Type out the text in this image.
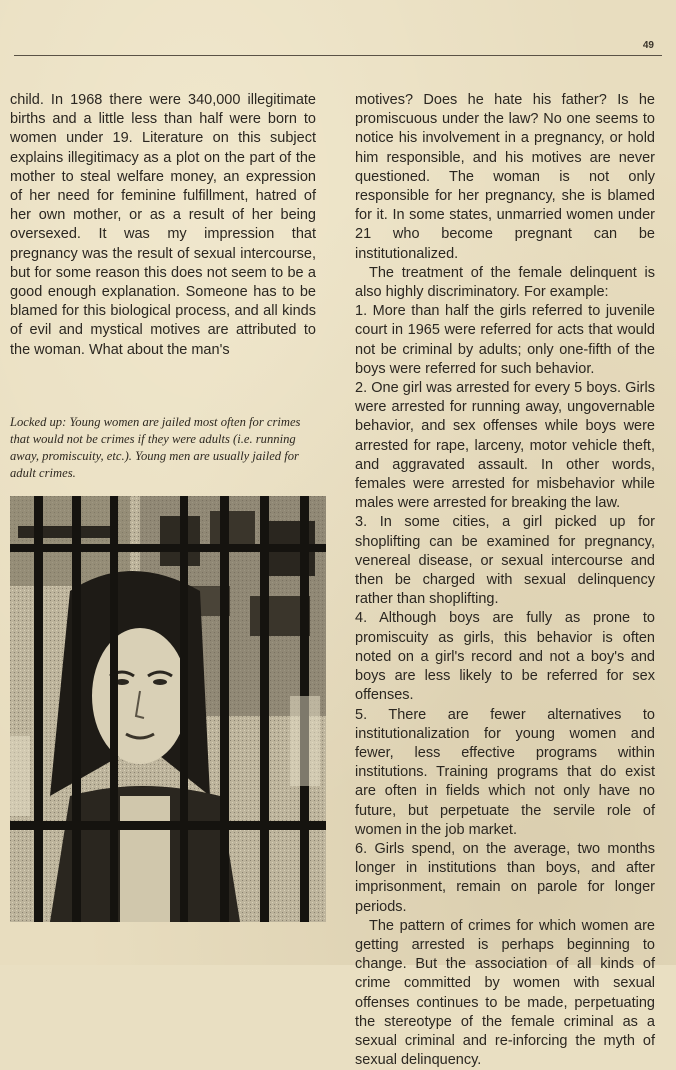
49

child. In 1968 there were 340,000 illegitimate births and a little less than half were born to women under 19. Literature on this subject explains illegitimacy as a plot on the part of the mother to steal welfare money, an expression of her need for feminine fulfillment, hatred of her own mother, or as a result of her being oversexed. It was my impression that pregnancy was the result of sexual intercourse, but for some reason this does not seem to be a good enough explanation. Someone has to be blamed for this biological process, and all kinds of evil and mystical motives are attributed to the woman. What about the man's

Locked up: Young women are jailed most often for crimes that would not be crimes if they were adults (i.e. running away, promiscuity, etc.). Young men are usually jailed for adult crimes.

motives? Does he hate his father? Is he promiscuous under the law? No one seems to notice his involvement in a pregnancy, or hold him responsible, and his motives are never questioned. The woman is not only responsible for her pregnancy, she is blamed for it. In some states, unmarried women under 21 who become pregnant can be institutionalized.

The treatment of the female delinquent is also highly discriminatory. For example:

1. More than half the girls referred to juvenile court in 1965 were referred for acts that would not be criminal by adults; only one-fifth of the boys were referred for such behavior.

2. One girl was arrested for every 5 boys. Girls were arrested for running away, ungovernable behavior, and sex offenses while boys were arrested for rape, larceny, motor vehicle theft, and aggravated assault. In other words, females were arrested for misbehavior while males were arrested for breaking the law.

3. In some cities, a girl picked up for shoplifting can be examined for pregnancy, venereal disease, or sexual intercourse and then be charged with sexual delinquency rather than shoplifting.

4. Although boys are fully as prone to promiscuity as girls, this behavior is often noted on a girl's record and not a boy's and boys are less likely to be referred for sex offenses.

5. There are fewer alternatives to institutionalization for young women and fewer, less effective programs within institutions. Training programs that do exist are often in fields which not only have no future, but perpetuate the servile role of women in the job market.

6. Girls spend, on the average, two months longer in institutions than boys, and after imprisonment, remain on parole for longer periods.

The pattern of crimes for which women are getting arrested is perhaps beginning to change. But the association of all kinds of crime committed by women with sexual offenses continues to be made, perpetuating the stereotype of the female criminal as a sexual criminal and re-inforcing the myth of sexual delinquency.
